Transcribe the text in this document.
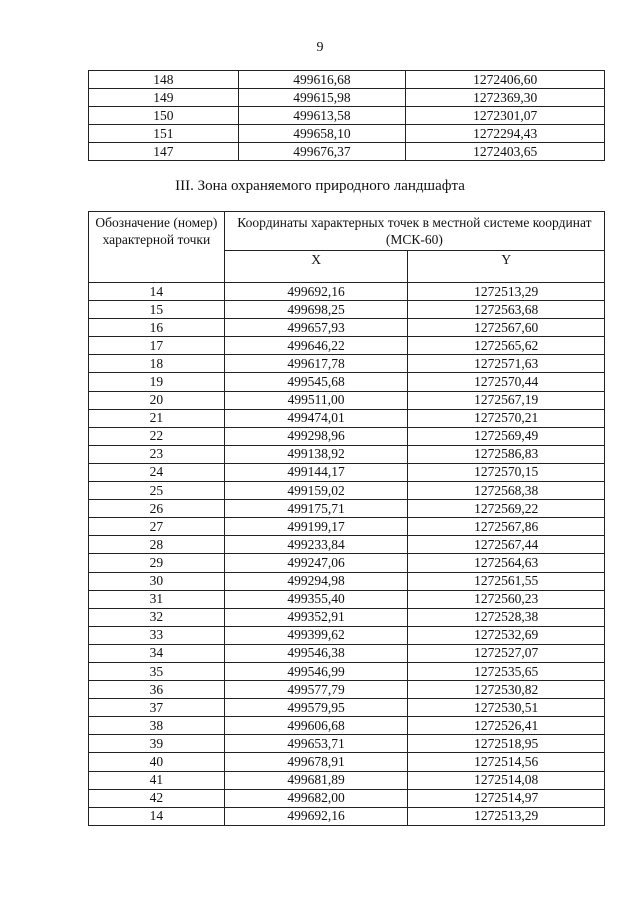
9
148	499616,68	1272406,60
149	499615,98	1272369,30
150	499613,58	1272301,07
151	499658,10	1272294,43
147	499676,37	1272403,65
III. Зона охраняемого природного ландшафта
Обозначение (номер) характерной точки	Координаты характерных точек в местной системе координат (МСК-60)	
	X	Y
14	499692,16	1272513,29
15	499698,25	1272563,68
16	499657,93	1272567,60
17	499646,22	1272565,62
18	499617,78	1272571,63
19	499545,68	1272570,44
20	499511,00	1272567,19
21	499474,01	1272570,21
22	499298,96	1272569,49
23	499138,92	1272586,83
24	499144,17	1272570,15
25	499159,02	1272568,38
26	499175,71	1272569,22
27	499199,17	1272567,86
28	499233,84	1272567,44
29	499247,06	1272564,63
30	499294,98	1272561,55
31	499355,40	1272560,23
32	499352,91	1272528,38
33	499399,62	1272532,69
34	499546,38	1272527,07
35	499546,99	1272535,65
36	499577,79	1272530,82
37	499579,95	1272530,51
38	499606,68	1272526,41
39	499653,71	1272518,95
40	499678,91	1272514,56
41	499681,89	1272514,08
42	499682,00	1272514,97
14	499692,16	1272513,29
